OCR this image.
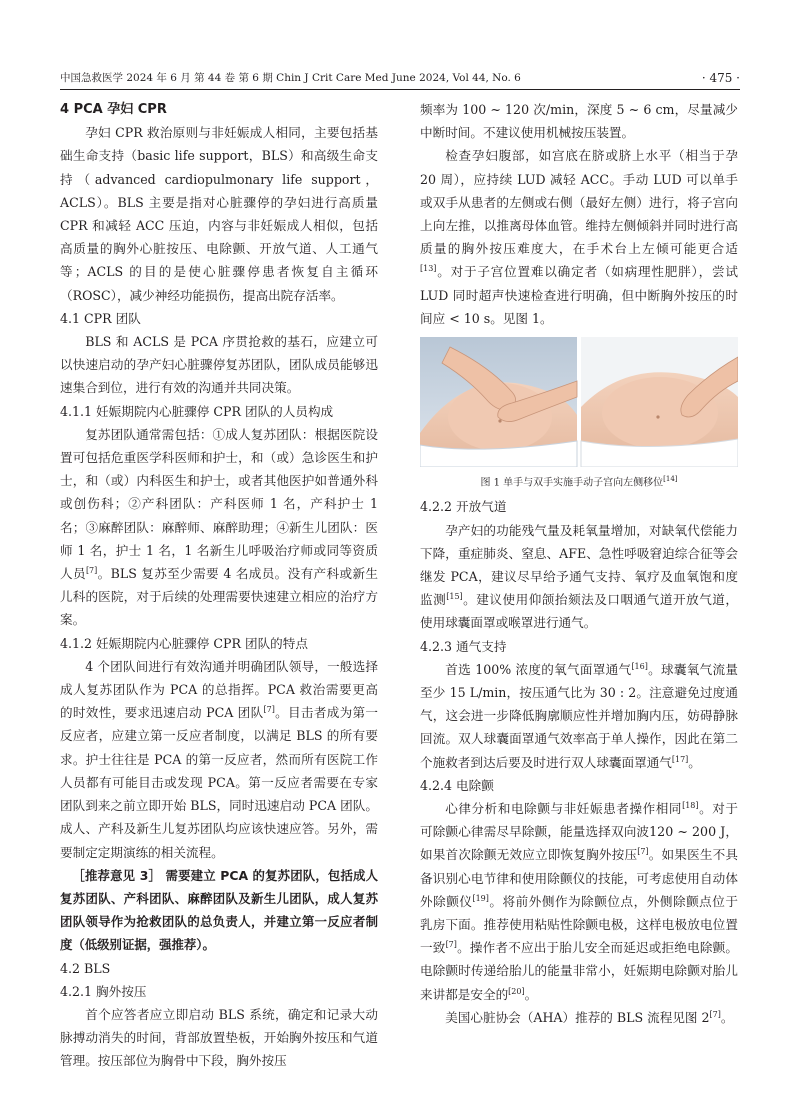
中国急救医学 2024 年 6 月 第 44 卷 第 6 期 Chin J Crit Care Med June 2024, Vol 44, No. 6	· 475 ·

4 PCA 孕妇 CPR

孕妇 CPR 救治原则与非妊娠成人相同，主要包括基础生命支持（basic life support，BLS）和高级生命支持（advanced cardiopulmonary life support，ACLS）。BLS 主要是指对心脏骤停的孕妇进行高质量 CPR 和减轻 ACC 压迫，内容与非妊娠成人相似，包括高质量的胸外心脏按压、电除颤、开放气道、人工通气等；ACLS 的目的是使心脏骤停患者恢复自主循环（ROSC），减少神经功能损伤，提高出院存活率。

4.1 CPR 团队

BLS 和 ACLS 是 PCA 序贯抢救的基石，应建立可以快速启动的孕产妇心脏骤停复苏团队，团队成员能够迅速集合到位，进行有效的沟通并共同决策。

4.1.1 妊娠期院内心脏骤停 CPR 团队的人员构成

复苏团队通常需包括：①成人复苏团队：根据医院设置可包括危重医学科医师和护士，和（或）急诊医生和护士，和（或）内科医生和护士，或者其他医护如普通外科或创伤科；②产科团队：产科医师 1 名，产科护士 1 名；③麻醉团队：麻醉师、麻醉助理；④新生儿团队：医师 1 名，护士 1 名，1 名新生儿呼吸治疗师或同等资质人员[7]。BLS 复苏至少需要 4 名成员。没有产科或新生儿科的医院，对于后续的处理需要快速建立相应的治疗方案。

4.1.2 妊娠期院内心脏骤停 CPR 团队的特点

4 个团队间进行有效沟通并明确团队领导，一般选择成人复苏团队作为 PCA 的总指挥。PCA 救治需要更高的时效性，要求迅速启动 PCA 团队[7]。目击者成为第一反应者，应建立第一反应者制度，以满足 BLS 的所有要求。护士往往是 PCA 的第一反应者，然而所有医院工作人员都有可能目击或发现 PCA。第一反应者需要在专家团队到来之前立即开始 BLS，同时迅速启动 PCA 团队。成人、产科及新生儿复苏团队均应该快速应答。另外，需要制定定期演练的相关流程。

［推荐意见 3］ 需要建立 PCA 的复苏团队，包括成人复苏团队、产科团队、麻醉团队及新生儿团队，成人复苏团队领导作为抢救团队的总负责人，并建立第一反应者制度（低级别证据，强推荐）。

4.2 BLS

4.2.1 胸外按压

首个应答者应立即启动 BLS 系统，确定和记录大动脉搏动消失的时间，背部放置垫板，开始胸外按压和气道管理。按压部位为胸骨中下段，胸外按压

频率为 100 ~ 120 次/min，深度 5 ~ 6 cm，尽量减少中断时间。不建议使用机械按压装置。

检查孕妇腹部，如宫底在脐或脐上水平（相当于孕 20 周），应持续 LUD 减轻 ACC。手动 LUD 可以单手或双手从患者的左侧或右侧（最好左侧）进行，将子宫向上向左推，以推离母体血管。维持左侧倾斜并同时进行高质量的胸外按压难度大，在手术台上左倾可能更合适[13]。对于子宫位置难以确定者（如病理性肥胖），尝试 LUD 同时超声快速检查进行明确，但中断胸外按压的时间应 < 10 s。见图 1。

图 1 单手与双手实施手动子宫向左侧移位[14]

4.2.2 开放气道

孕产妇的功能残气量及耗氧量增加，对缺氧代偿能力下降，重症肺炎、窒息、AFE、急性呼吸窘迫综合征等会继发 PCA，建议尽早给予通气支持、氧疗及血氧饱和度监测[15]。建议使用仰颌抬颏法及口咽通气道开放气道，使用球囊面罩或喉罩进行通气。

4.2.3 通气支持

首选 100% 浓度的氧气面罩通气[16]。球囊氧气流量至少 15 L/min，按压通气比为 30 : 2。注意避免过度通气，这会进一步降低胸廓顺应性并增加胸内压，妨碍静脉回流。双人球囊面罩通气效率高于单人操作，因此在第二个施救者到达后要及时进行双人球囊面罩通气[17]。

4.2.4 电除颤

心律分析和电除颤与非妊娠患者操作相同[18]。对于可除颤心律需尽早除颤，能量选择双向波120 ~ 200 J，如果首次除颤无效应立即恢复胸外按压[7]。如果医生不具备识别心电节律和使用除颤仪的技能，可考虑使用自动体外除颤仪[19]。将前外侧作为除颤位点，外侧除颤点位于乳房下面。推荐使用粘贴性除颤电极，这样电极放电位置一致[7]。操作者不应出于胎儿安全而延迟或拒绝电除颤。电除颤时传递给胎儿的能量非常小，妊娠期电除颤对胎儿来讲都是安全的[20]。

美国心脏协会（AHA）推荐的 BLS 流程见图 2[7]。
